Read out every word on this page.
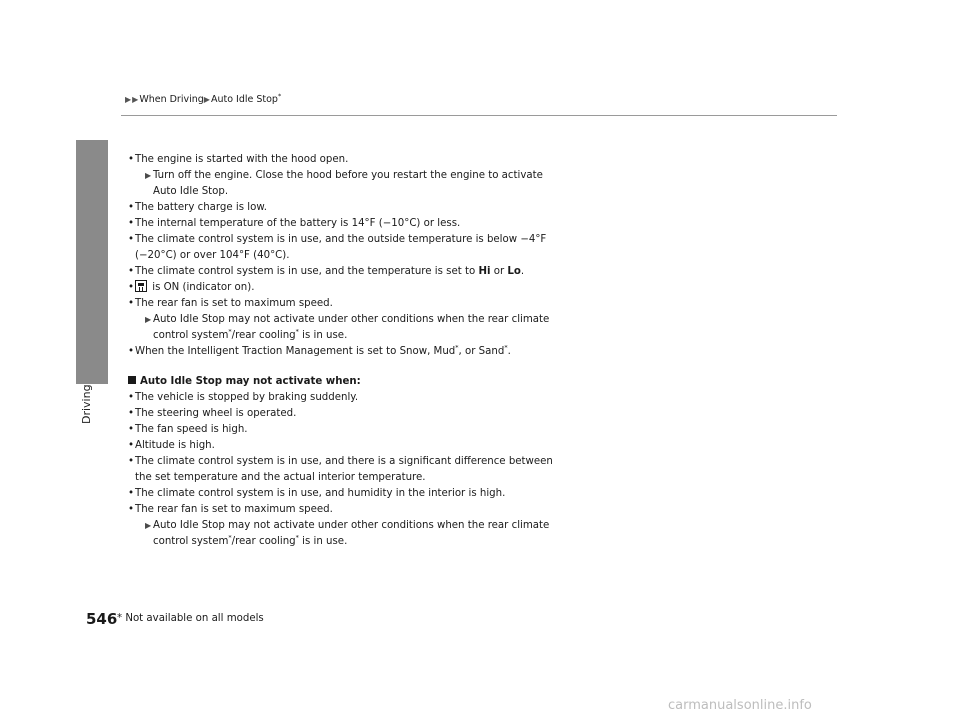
Driving
▶▶When Driving▶Auto Idle Stop*
• The engine is started with the hood open.
▶ Turn off the engine. Close the hood before you restart the engine to activate
Auto Idle Stop.
• The battery charge is low.
• The internal temperature of the battery is 14°F (−10°C) or less.
• The climate control system is in use, and the outside temperature is below −4°F
(−20°C) or over 104°F (40°C).
• The climate control system is in use, and the temperature is set to Hi or Lo.
• is ON (indicator on).
• The rear fan is set to maximum speed.
▶ Auto Idle Stop may not activate under other conditions when the rear climate
control system*/rear cooling* is in use.
• When the Intelligent Traction Management is set to Snow, Mud*, or Sand*.
Auto Idle Stop may not activate when:
• The vehicle is stopped by braking suddenly.
• The steering wheel is operated.
• The fan speed is high.
• Altitude is high.
• The climate control system is in use, and there is a significant difference between
the set temperature and the actual interior temperature.
• The climate control system is in use, and humidity in the interior is high.
• The rear fan is set to maximum speed.
▶ Auto Idle Stop may not activate under other conditions when the rear climate
control system*/rear cooling* is in use.
546 * Not available on all models
carmanualsonline.info
